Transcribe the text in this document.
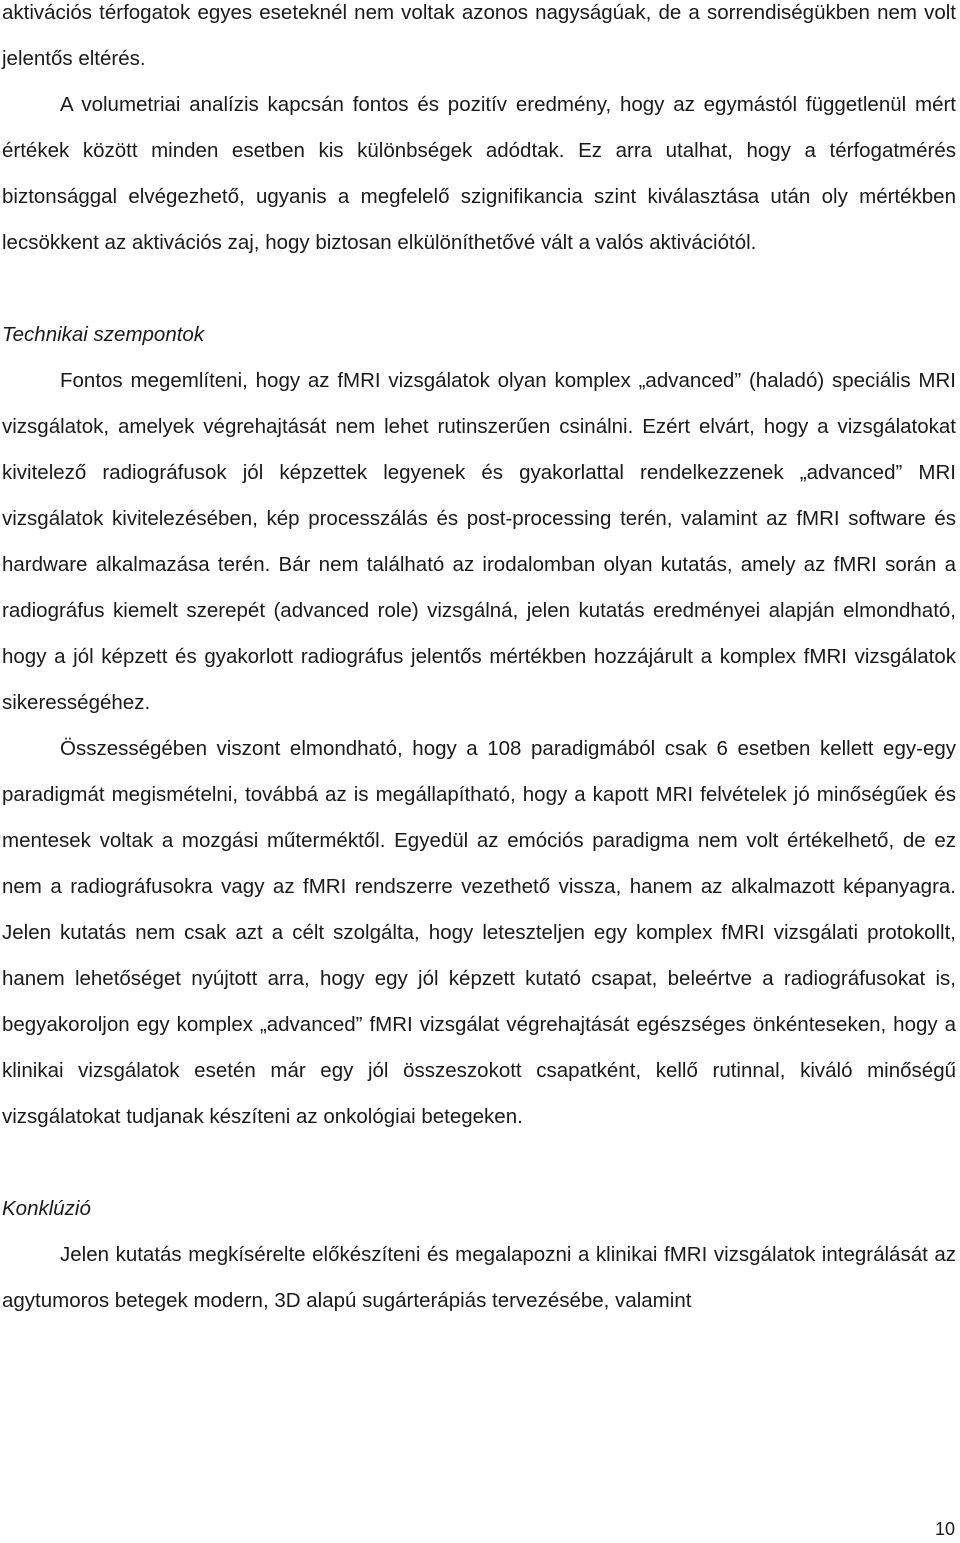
aktivációs térfogatok egyes eseteknél nem voltak azonos nagyságúak, de a sorrendiségükben nem volt jelentős eltérés.

A volumetriai analízis kapcsán fontos és pozitív eredmény, hogy az egymástól függetlenül mért értékek között minden esetben kis különbségek adódtak. Ez arra utalhat, hogy a térfogatmérés biztonsággal elvégezhető, ugyanis a megfelelő szignifikancia szint kiválasztása után oly mértékben lecsökkent az aktivációs zaj, hogy biztosan elkülöníthetővé vált a valós aktivációtól.

Technikai szempontok

Fontos megemlíteni, hogy az fMRI vizsgálatok olyan komplex „advanced” (haladó) speciális MRI vizsgálatok, amelyek végrehajtását nem lehet rutinszerűen csinálni. Ezért elvárt, hogy a vizsgálatokat kivitelező radiográfusok jól képzettek legyenek és gyakorlattal rendelkezzenek „advanced” MRI vizsgálatok kivitelezésében, kép processzálás és post-processing terén, valamint az fMRI software és hardware alkalmazása terén. Bár nem található az irodalomban olyan kutatás, amely az fMRI során a radiográfus kiemelt szerepét (advanced role) vizsgálná, jelen kutatás eredményei alapján elmondható, hogy a jól képzett és gyakorlott radiográfus jelentős mértékben hozzájárult a komplex fMRI vizsgálatok sikerességéhez.

Összességében viszont elmondható, hogy a 108 paradigmából csak 6 esetben kellett egy-egy paradigmát megismételni, továbbá az is megállapítható, hogy a kapott MRI felvételek jó minőségűek és mentesek voltak a mozgási műterméktől. Egyedül az emóciós paradigma nem volt értékelhető, de ez nem a radiográfusokra vagy az fMRI rendszerre vezethető vissza, hanem az alkalmazott képanyagra. Jelen kutatás nem csak azt a célt szolgálta, hogy leteszteljen egy komplex fMRI vizsgálati protokollt, hanem lehetőséget nyújtott arra, hogy egy jól képzett kutató csapat, beleértve a radiográfusokat is, begyakoroljon egy komplex „advanced” fMRI vizsgálat végrehajtását egészséges önkénteseken, hogy a klinikai vizsgálatok esetén már egy jól összeszokott csapatként, kellő rutinnal, kiváló minőségű vizsgálatokat tudjanak készíteni az onkológiai betegeken.

Konklúzió

Jelen kutatás megkísérelte előkészíteni és megalapozni a klinikai fMRI vizsgálatok integrálását az agytumoros betegek modern, 3D alapú sugárterápiás tervezésébe, valamint

10
